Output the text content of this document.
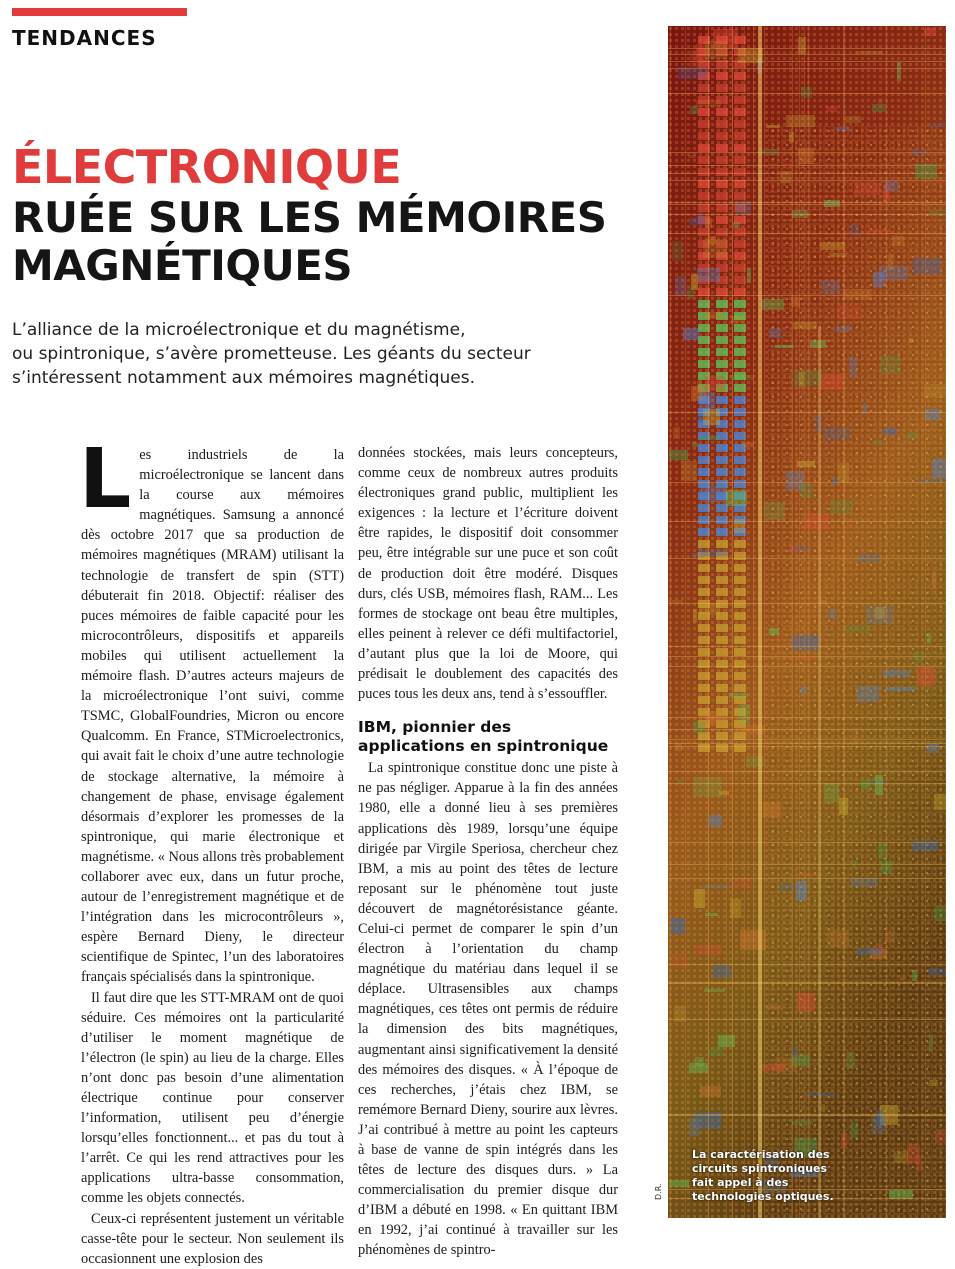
TENDANCES
ÉLECTRONIQUE
RUÉE SUR LES MÉMOIRES
MAGNÉTIQUES
L’alliance de la microélectronique et du magnétisme,
ou spintronique, s’avère prometteuse. Les géants du secteur
s’intéressent notamment aux mémoires magnétiques.

Les industriels de la microélectronique se lancent dans la course aux mémoires magnétiques. Samsung a annoncé dès octobre 2017 que sa production de mémoires magnétiques (MRAM) utilisant la technologie de transfert de spin (STT) débuterait fin 2018. Objectif: réaliser des puces mémoires de faible capacité pour les microcontrôleurs, dispositifs et appareils mobiles qui utilisent actuellement la mémoire flash. D’autres acteurs majeurs de la microélectronique l’ont suivi, comme TSMC, GlobalFoundries, Micron ou encore Qualcomm. En France, STMicroelectronics, qui avait fait le choix d’une autre technologie de stockage alternative, la mémoire à changement de phase, envisage également désormais d’explorer les promesses de la spintronique, qui marie électronique et magnétisme. « Nous allons très probablement collaborer avec eux, dans un futur proche, autour de l’enregistrement magnétique et de l’intégration dans les microcontrôleurs », espère Bernard Dieny, le directeur scientifique de Spintec, l’un des laboratoires français spécialisés dans la spintronique.

Il faut dire que les STT-MRAM ont de quoi séduire. Ces mémoires ont la particularité d’utiliser le moment magnétique de l’électron (le spin) au lieu de la charge. Elles n’ont donc pas besoin d’une alimentation électrique continue pour conserver l’information, utilisent peu d’énergie lorsqu’elles fonctionnent... et pas du tout à l’arrêt. Ce qui les rend attractives pour les applications ultra-basse consommation, comme les objets connectés.

Ceux-ci représentent justement un véritable casse-tête pour le secteur. Non seulement ils occasionnent une explosion des

données stockées, mais leurs concepteurs, comme ceux de nombreux autres produits électroniques grand public, multiplient les exigences : la lecture et l’écriture doivent être rapides, le dispositif doit consommer peu, être intégrable sur une puce et son coût de production doit être modéré. Disques durs, clés USB, mémoires flash, RAM... Les formes de stockage ont beau être multiples, elles peinent à relever ce défi multifactoriel, d’autant plus que la loi de Moore, qui prédisait le doublement des capacités des puces tous les deux ans, tend à s’essouffler.

IBM, pionnier des applications en spintronique

La spintronique constitue donc une piste à ne pas négliger. Apparue à la fin des années 1980, elle a donné lieu à ses premières applications dès 1989, lorsqu’une équipe dirigée par Virgile Speriosa, chercheur chez IBM, a mis au point des têtes de lecture reposant sur le phénomène tout juste découvert de magnétorésistance géante. Celui-ci permet de comparer le spin d’un électron à l’orientation du champ magnétique du matériau dans lequel il se déplace. Ultrasensibles aux champs magnétiques, ces têtes ont permis de réduire la dimension des bits magnétiques, augmentant ainsi significativement la densité des mémoires des disques. « À l’époque de ces recherches, j’étais chez IBM, se remémore Bernard Dieny, sourire aux lèvres. J’ai contribué à mettre au point les capteurs à base de vanne de spin intégrés dans les têtes de lecture des disques durs. » La commercialisation du premier disque dur d’IBM a débuté en 1998. « En quittant IBM en 1992, j’ai continué à travailler sur les phénomènes de spintro-

La caractérisation des circuits spintroniques fait appel à des technologies optiques.
D.R.
